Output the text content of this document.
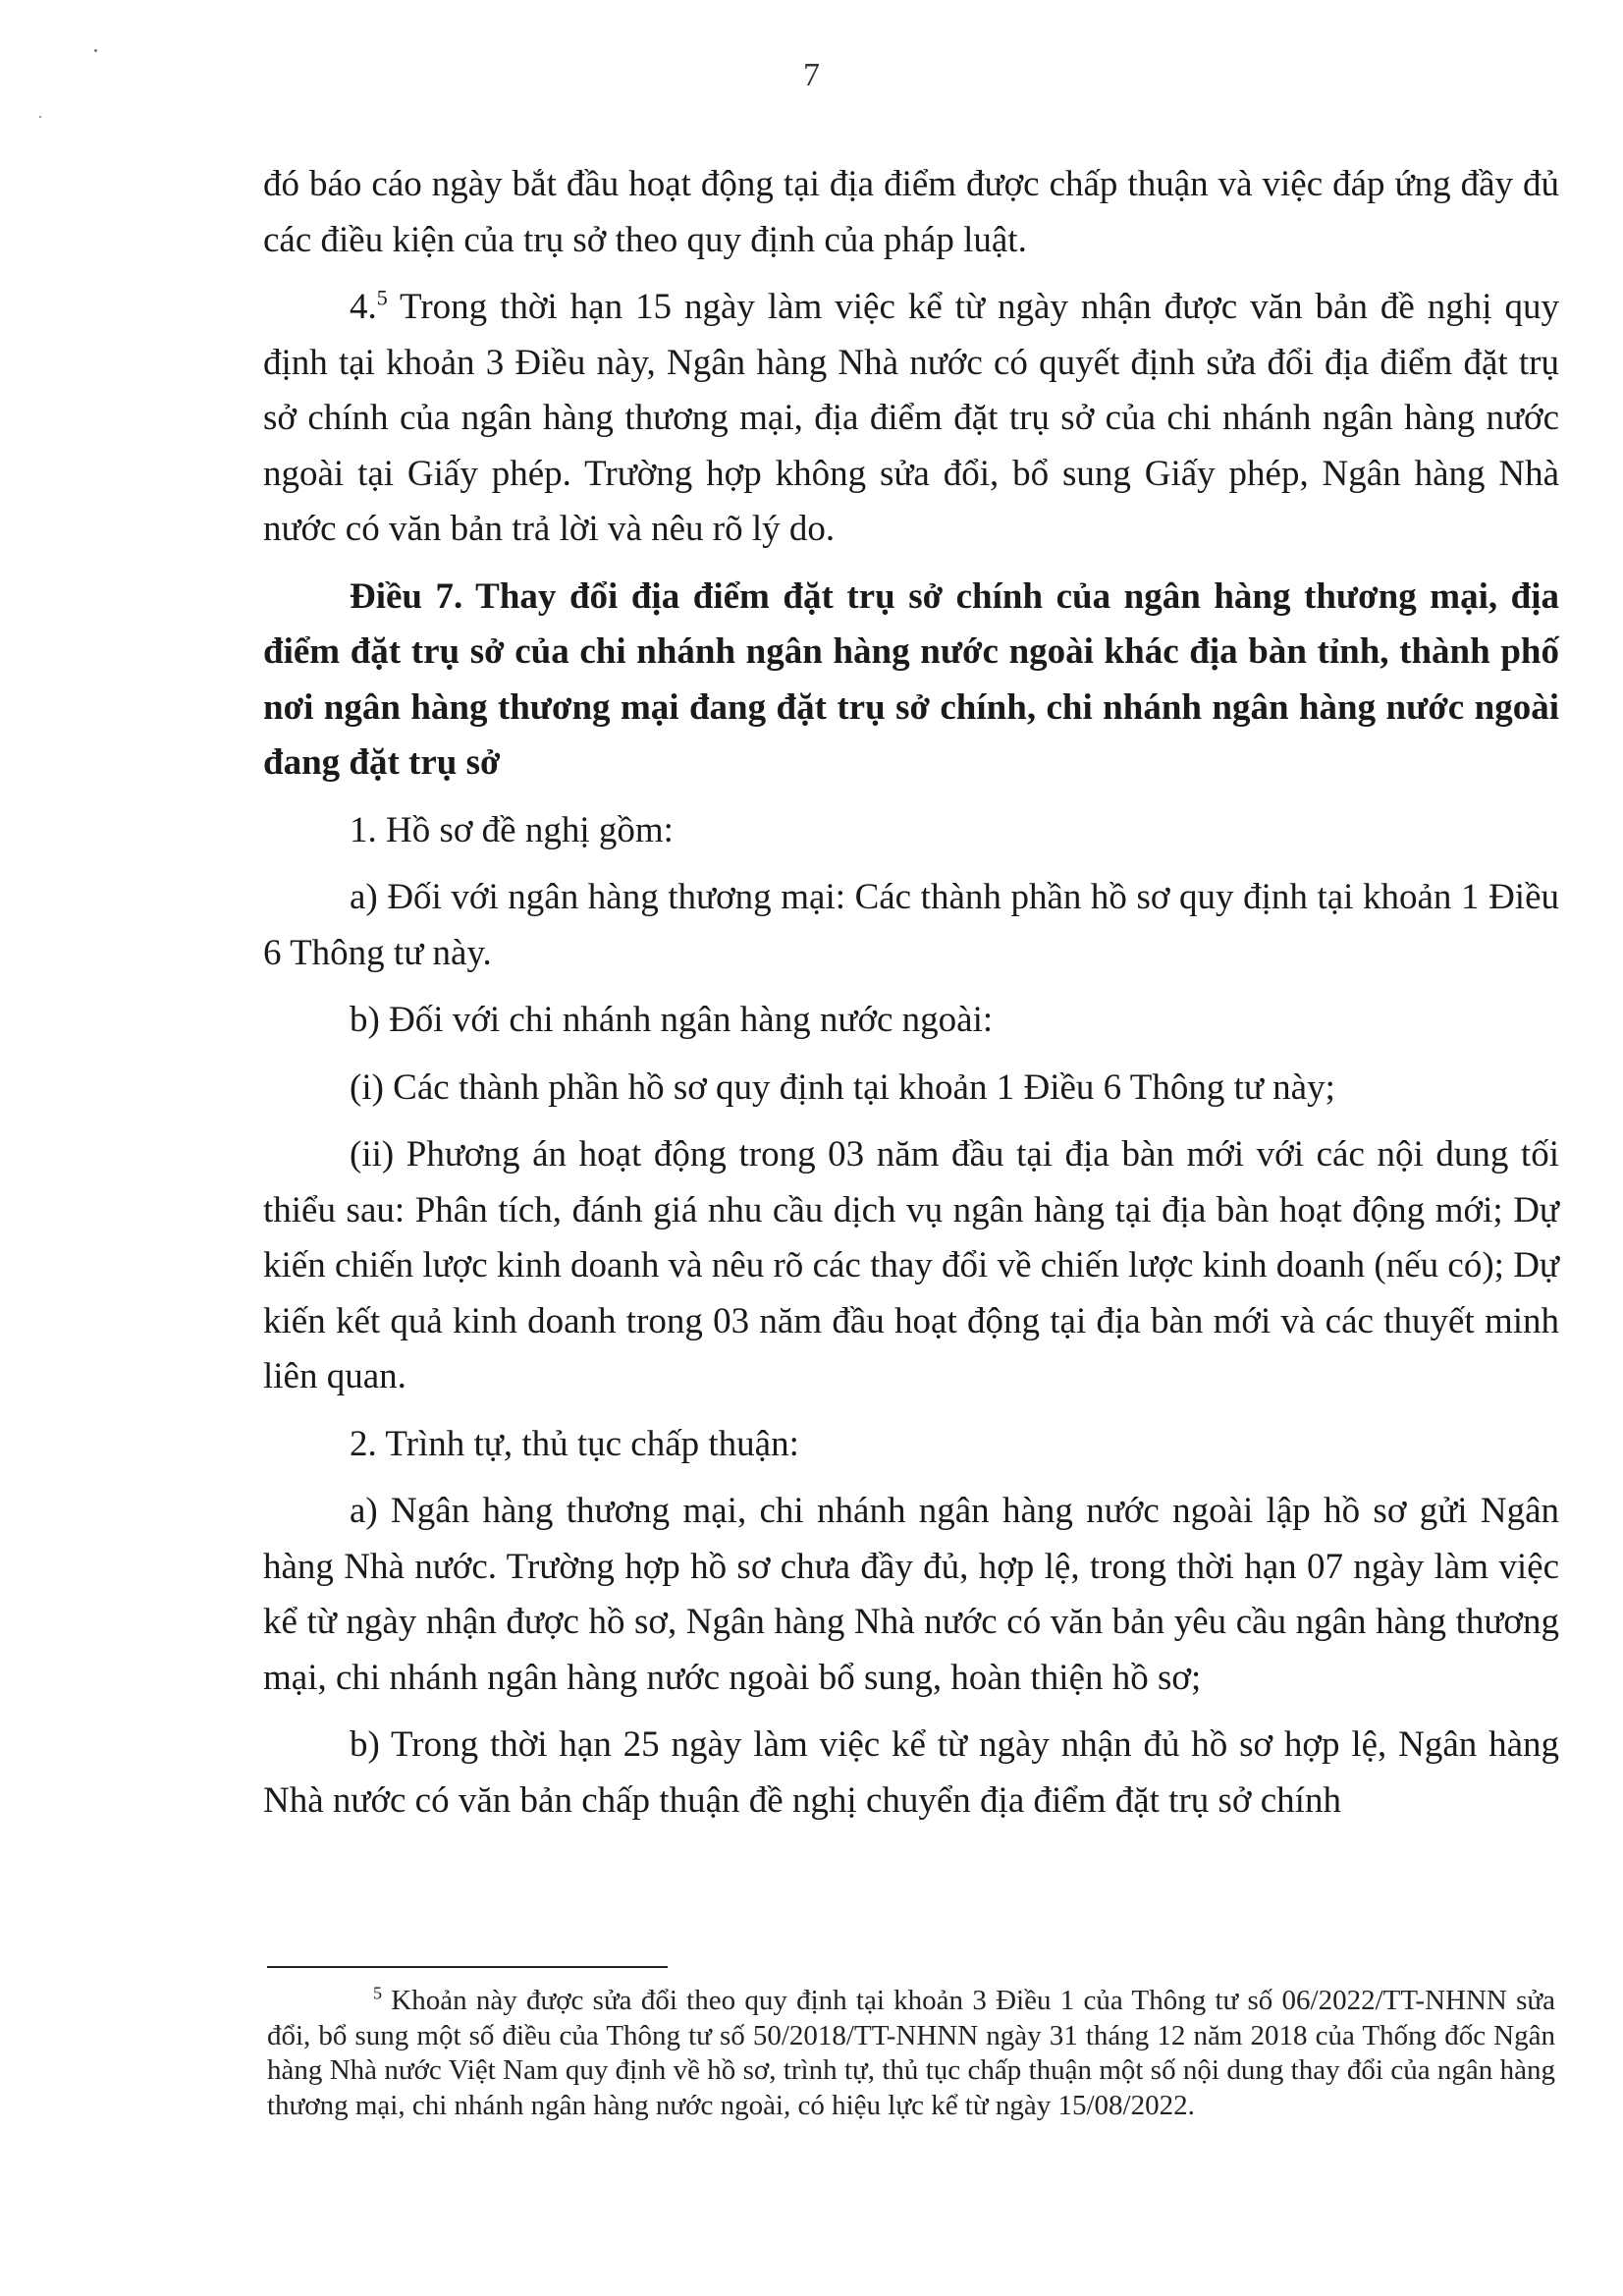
7

đó báo cáo ngày bắt đầu hoạt động tại địa điểm được chấp thuận và việc đáp ứng đầy đủ các điều kiện của trụ sở theo quy định của pháp luật.

4.$^5$ Trong thời hạn 15 ngày làm việc kể từ ngày nhận được văn bản đề nghị quy định tại khoản 3 Điều này, Ngân hàng Nhà nước có quyết định sửa đổi địa điểm đặt trụ sở chính của ngân hàng thương mại, địa điểm đặt trụ sở của chi nhánh ngân hàng nước ngoài tại Giấy phép. Trường hợp không sửa đổi, bổ sung Giấy phép, Ngân hàng Nhà nước có văn bản trả lời và nêu rõ lý do.

Điều 7. Thay đổi địa điểm đặt trụ sở chính của ngân hàng thương mại, địa điểm đặt trụ sở của chi nhánh ngân hàng nước ngoài khác địa bàn tỉnh, thành phố nơi ngân hàng thương mại đang đặt trụ sở chính, chi nhánh ngân hàng nước ngoài đang đặt trụ sở

1. Hồ sơ đề nghị gồm:

a) Đối với ngân hàng thương mại: Các thành phần hồ sơ quy định tại khoản 1 Điều 6 Thông tư này.

b) Đối với chi nhánh ngân hàng nước ngoài:

(i) Các thành phần hồ sơ quy định tại khoản 1 Điều 6 Thông tư này;

(ii) Phương án hoạt động trong 03 năm đầu tại địa bàn mới với các nội dung tối thiểu sau: Phân tích, đánh giá nhu cầu dịch vụ ngân hàng tại địa bàn hoạt động mới; Dự kiến chiến lược kinh doanh và nêu rõ các thay đổi về chiến lược kinh doanh (nếu có); Dự kiến kết quả kinh doanh trong 03 năm đầu hoạt động tại địa bàn mới và các thuyết minh liên quan.

2. Trình tự, thủ tục chấp thuận:

a) Ngân hàng thương mại, chi nhánh ngân hàng nước ngoài lập hồ sơ gửi Ngân hàng Nhà nước. Trường hợp hồ sơ chưa đầy đủ, hợp lệ, trong thời hạn 07 ngày làm việc kể từ ngày nhận được hồ sơ, Ngân hàng Nhà nước có văn bản yêu cầu ngân hàng thương mại, chi nhánh ngân hàng nước ngoài bổ sung, hoàn thiện hồ sơ;

b) Trong thời hạn 25 ngày làm việc kể từ ngày nhận đủ hồ sơ hợp lệ, Ngân hàng Nhà nước có văn bản chấp thuận đề nghị chuyển địa điểm đặt trụ sở chính

$^5$ Khoản này được sửa đổi theo quy định tại khoản 3 Điều 1 của Thông tư số 06/2022/TT-NHNN sửa đổi, bổ sung một số điều của Thông tư số 50/2018/TT-NHNN ngày 31 tháng 12 năm 2018 của Thống đốc Ngân hàng Nhà nước Việt Nam quy định về hồ sơ, trình tự, thủ tục chấp thuận một số nội dung thay đổi của ngân hàng thương mại, chi nhánh ngân hàng nước ngoài, có hiệu lực kể từ ngày 15/08/2022.
